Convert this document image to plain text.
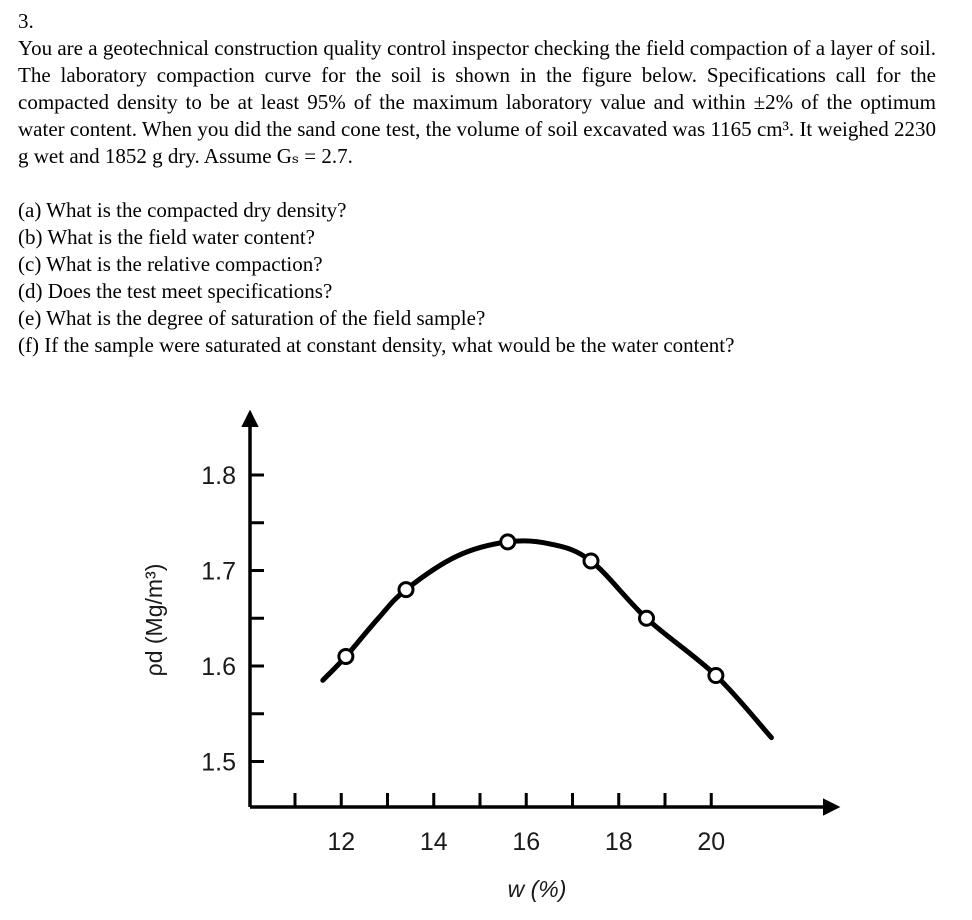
3.

You are a geotechnical construction quality control inspector checking the field compaction of a layer of soil. The laboratory compaction curve for the soil is shown in the figure below. Specifications call for the compacted density to be at least 95% of the maximum laboratory value and within ±2% of the optimum water content. When you did the sand cone test, the volume of soil excavated was 1165 cm³. It weighed 2230 g wet and 1852 g dry. Assume Gₛ = 2.7.

(a) What is the compacted dry density?
(b) What is the field water content?
(c) What is the relative compaction?
(d) Does the test meet specifications?
(e) What is the degree of saturation of the field sample?
(f) If the sample were saturated at constant density, what would be the water content?
1.5
1.6
1.7
1.8
12	14	16	18	20
w (%)
ρd (Mg/m³)
